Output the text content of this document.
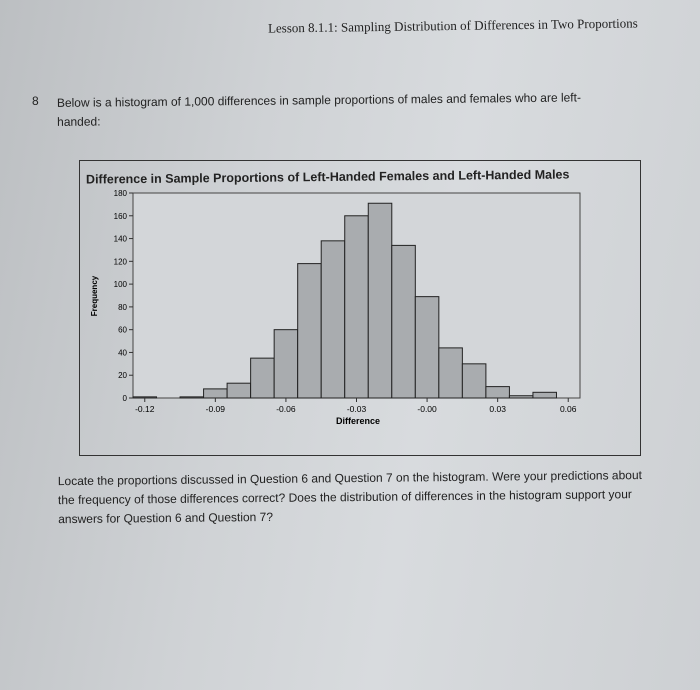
Lesson 8.1.1: Sampling Distribution of Differences in Two Proportions
8 Below is a histogram of 1,000 differences in sample proportions of males and females who are left-handed:
Difference in Sample Proportions of Left-Handed Females and Left-Handed Males
Frequency
Difference
0
20
40
60
80
100
120
140
160
180
-0.12	-0.09	-0.06	-0.03	-0.00	0.03	0.06
Locate the proportions discussed in Question 6 and Question 7 on the histogram. Were your predictions about the frequency of those differences correct? Does the distribution of differences in the histogram support your answers for Question 6 and Question 7?
